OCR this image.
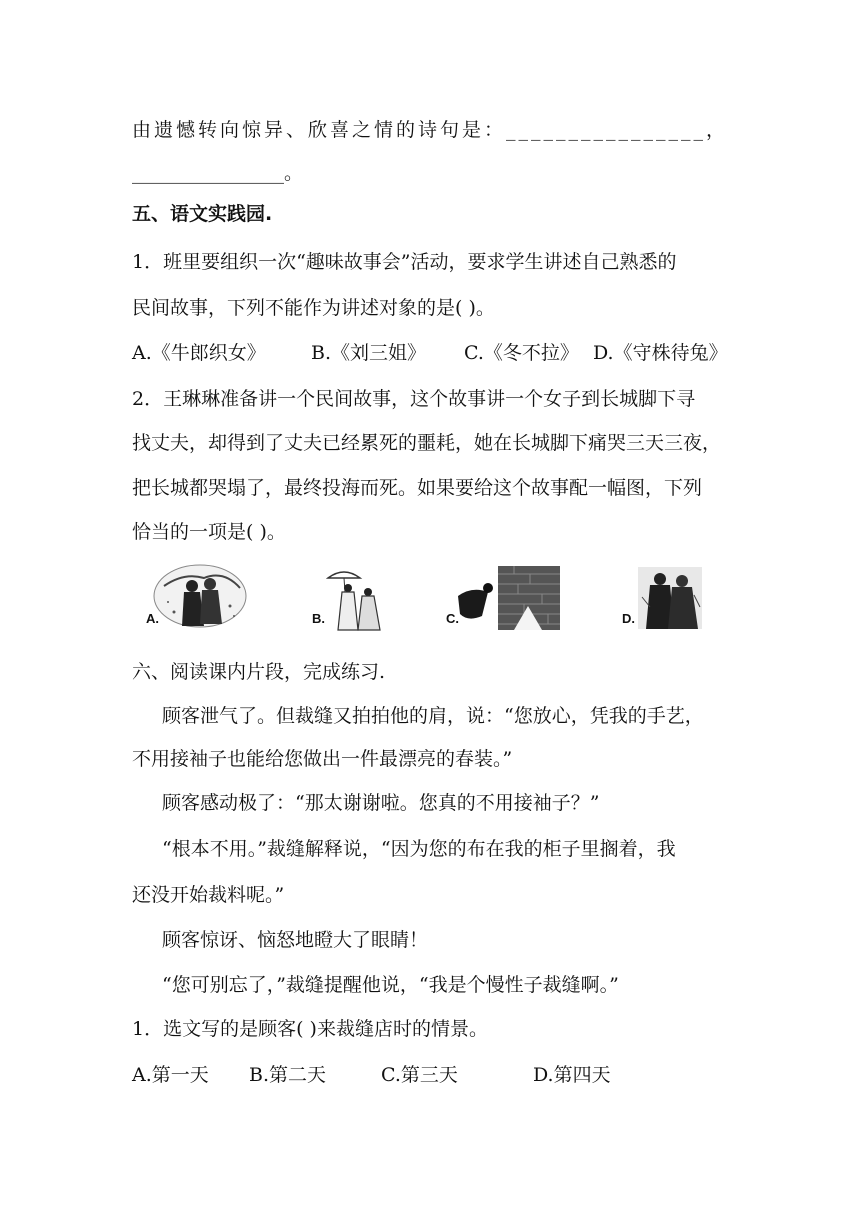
由遗憾转向惊异、欣喜之情的诗句是：________________，
________________。
五、语文实践园.
1．班里要组织一次“趣味故事会”活动，要求学生讲述自己熟悉的
民间故事，下列不能作为讲述对象的是( )。
A.《牛郎织女》 B.《刘三姐》 C.《冬不拉》 D.《守株待兔》
2．王琳琳准备讲一个民间故事，这个故事讲一个女子到长城脚下寻
找丈夫，却得到了丈夫已经累死的噩耗，她在长城脚下痛哭三天三夜，
把长城都哭塌了，最终投海而死。如果要给这个故事配一幅图，下列
恰当的一项是( )。
A.	B.	C.	D.
六、阅读课内片段，完成练习.
顾客泄气了。但裁缝又拍拍他的肩，说：“您放心，凭我的手艺，
不用接袖子也能给您做出一件最漂亮的春装。”
顾客感动极了：“那太谢谢啦。您真的不用接袖子？”
“根本不用。”裁缝解释说，“因为您的布在我的柜子里搁着，我
还没开始裁料呢。”
顾客惊讶、恼怒地瞪大了眼睛！
“您可别忘了，”裁缝提醒他说，“我是个慢性子裁缝啊。”
1．选文写的是顾客( )来裁缝店时的情景。
A.第一天 B.第二天	C.第三天	D.第四天
